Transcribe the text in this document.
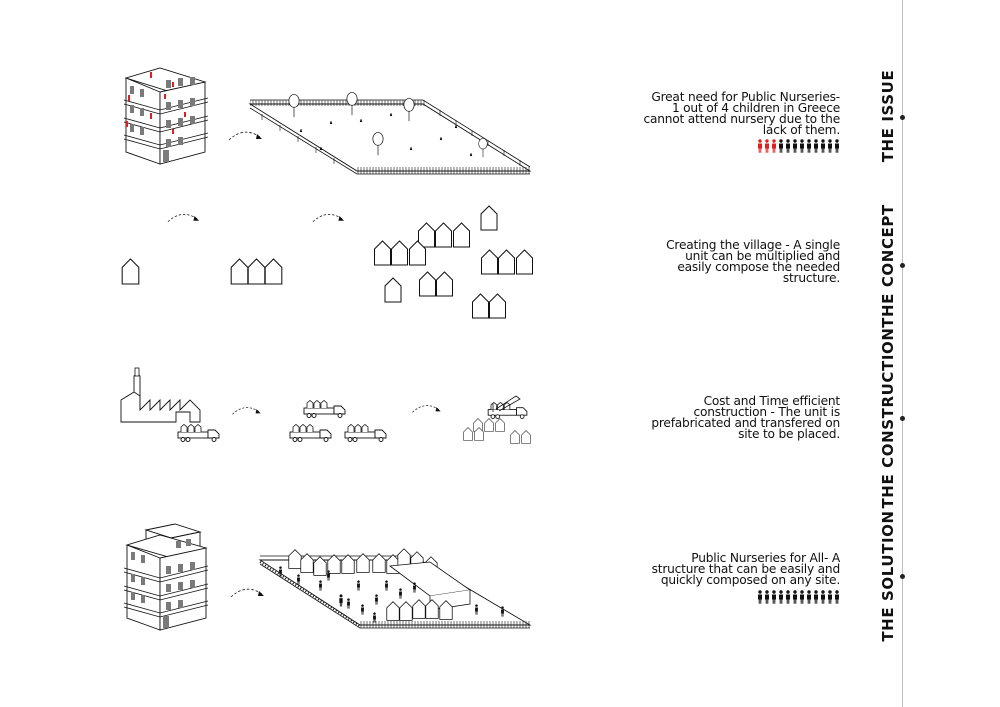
THE ISSUE
THE CONCEPT
THE CONSTRUCTION
THE SOLUTION
Great need for Public Nurseries-
1 out of 4 children in Greece
cannot attend nursery due to the
lack of them.
Creating the village - A single
unit can be multiplied and
easily compose the needed
structure.
Cost and Time efficient
construction - The unit is
prefabricated and transfered on
site to be placed.
Public Nurseries for All- A
structure that can be easily and
quickly composed on any site.
